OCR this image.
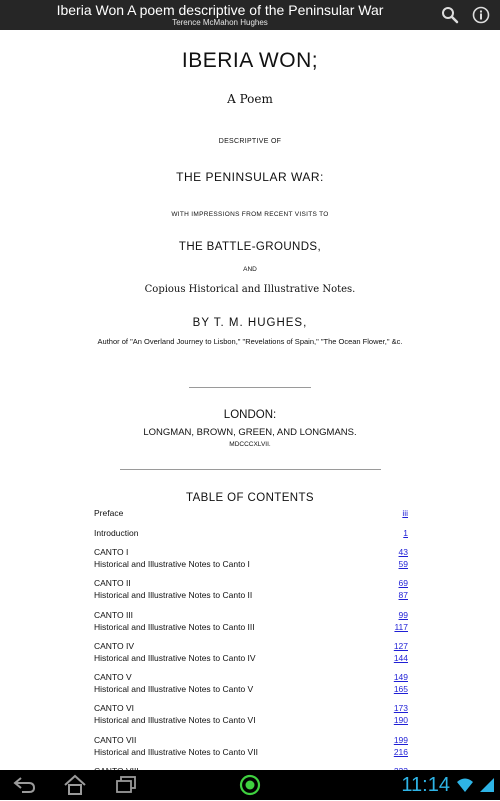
Iberia Won A poem descriptive of the Peninsular War
Terence McMahon Hughes
IBERIA WON;
A Poem
DESCRIPTIVE OF
THE PENINSULAR WAR:
WITH IMPRESSIONS FROM RECENT VISITS TO
THE BATTLE-GROUNDS,
AND
Copious Historical and Illustrative Notes.
BY T. M. HUGHES,
Author of "An Overland Journey to Lisbon," "Revelations of Spain," "The Ocean Flower," &c.
LONDON:
LONGMAN, BROWN, GREEN, AND LONGMANS.
MDCCCXLVII.
TABLE OF CONTENTS
Preface	iii
Introduction	1
CANTO I	43
Historical and Illustrative Notes to Canto I	59
CANTO II	69
Historical and Illustrative Notes to Canto II	87
CANTO III	99
Historical and Illustrative Notes to Canto III	117
CANTO IV	127
Historical and Illustrative Notes to Canto IV	144
CANTO V	149
Historical and Illustrative Notes to Canto V	165
CANTO VI	173
Historical and Illustrative Notes to Canto VI	190
CANTO VII	199
Historical and Illustrative Notes to Canto VII	216
11:14
